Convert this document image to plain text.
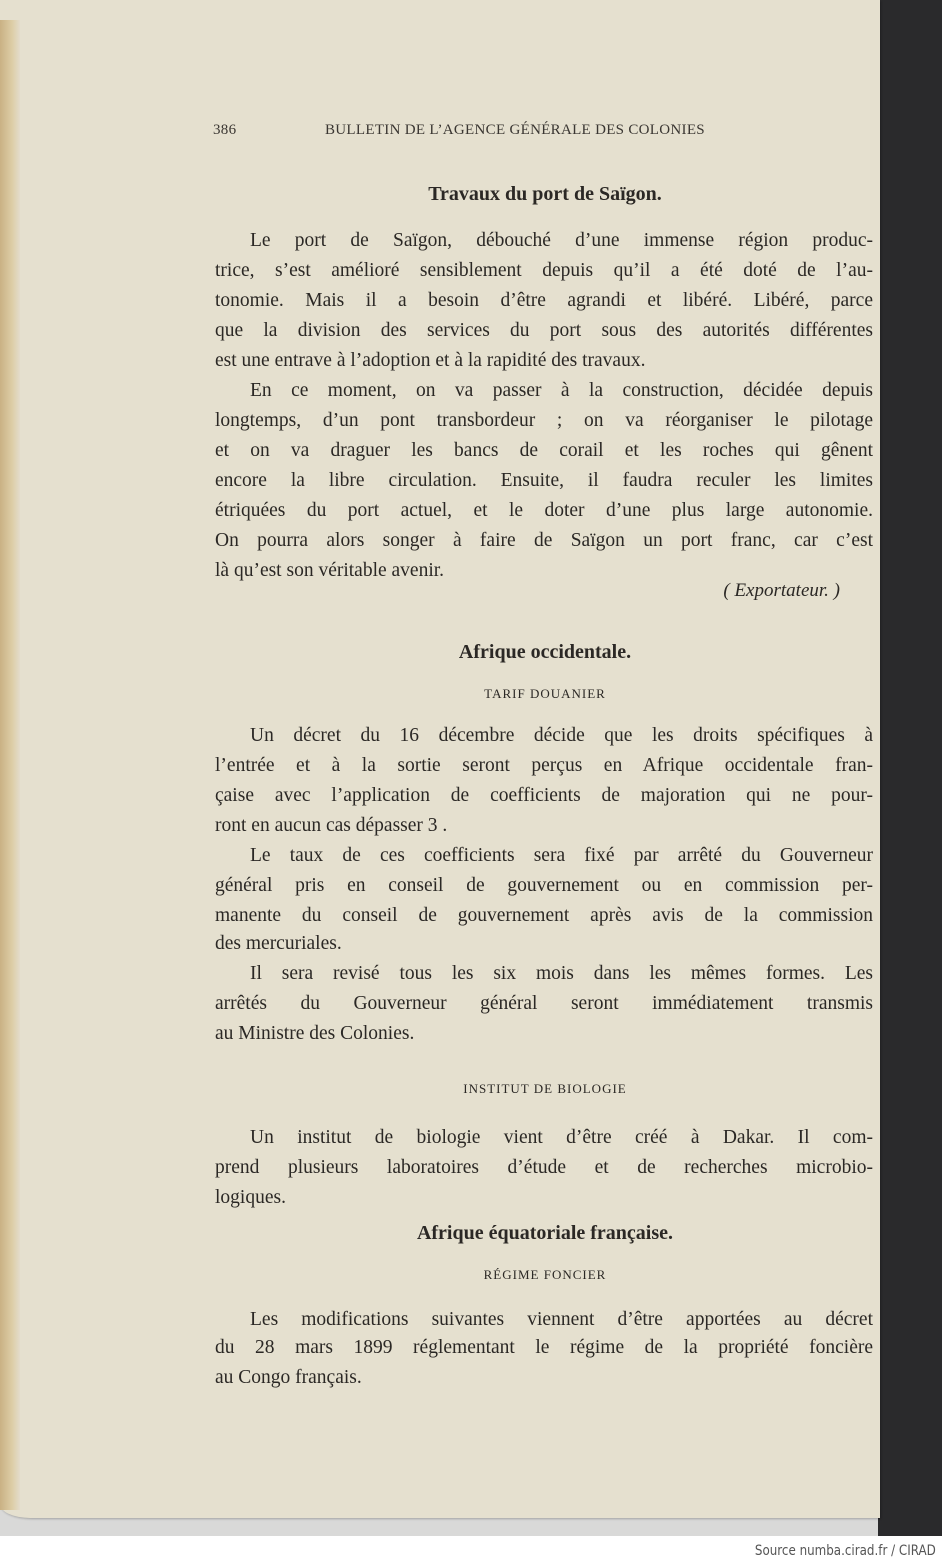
386	BULLETIN DE L’AGENCE GÉNÉRALE DES COLONIES
( Exportateur. )
Travaux du port de Saïgon.
Le port de Saïgon, débouché d’une immense région produc-
trice, s’est amélioré sensiblement depuis qu’il a été doté de l’au-
tonomie. Mais il a besoin d’être agrandi et libéré. Libéré, parce
que la division des services du port sous des autorités différentes
est une entrave à l’adoption et à la rapidité des travaux.
En ce moment, on va passer à la construction, décidée depuis
longtemps, d’un pont transbordeur ; on va réorganiser le pilotage
et on va draguer les bancs de corail et les roches qui gênent
encore la libre circulation. Ensuite, il faudra reculer les limites
étriquées du port actuel, et le doter d’une plus large autonomie.
On pourra alors songer à faire de Saïgon un port franc, car c’est
là qu’est son véritable avenir.
Afrique occidentale.
TARIF DOUANIER
Un décret du 16 décembre décide que les droits spécifiques à
l’entrée et à la sortie seront perçus en Afrique occidentale fran-
çaise avec l’application de coefficients de majoration qui ne pour-
ront en aucun cas dépasser 3 .
Le taux de ces coefficients sera fixé par arrêté du Gouverneur
général pris en conseil de gouvernement ou en commission per-
manente du conseil de gouvernement après avis de la commission
des mercuriales.
Il sera revisé tous les six mois dans les mêmes formes. Les
arrêtés du Gouverneur général seront immédiatement transmis
au Ministre des Colonies.
INSTITUT DE BIOLOGIE
Un institut de biologie vient d’être créé à Dakar. Il com-
prend plusieurs laboratoires d’étude et de recherches microbio-
logiques.
Afrique équatoriale française.
RÉGIME FONCIER
Les modifications suivantes viennent d’être apportées au décret
du 28 mars 1899 réglementant le régime de la propriété foncière
au Congo français.
Source numba.cirad.fr / CIRAD
